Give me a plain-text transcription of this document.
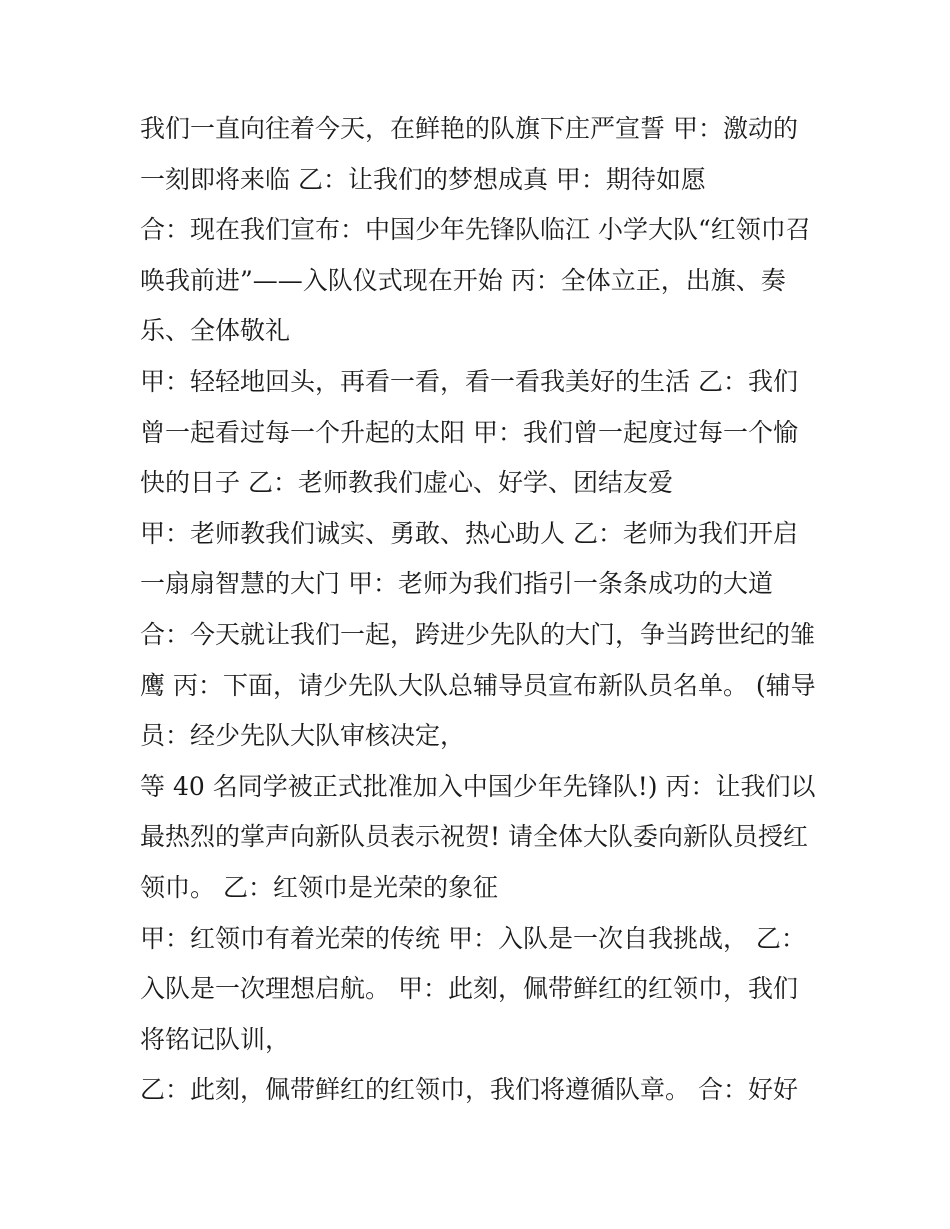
我们一直向往着今天，在鲜艳的队旗下庄严宣誓 甲：激动的
一刻即将来临 乙：让我们的梦想成真 甲：期待如愿
合：现在我们宣布：中国少年先锋队临江 小学大队“红领巾召
唤我前进”——入队仪式现在开始 丙：全体立正，出旗、奏
乐、全体敬礼
甲：轻轻地回头，再看一看，看一看我美好的生活 乙：我们
曾一起看过每一个升起的太阳 甲：我们曾一起度过每一个愉
快的日子 乙：老师教我们虚心、好学、团结友爱
甲：老师教我们诚实、勇敢、热心助人 乙：老师为我们开启
一扇扇智慧的大门 甲：老师为我们指引一条条成功的大道
合：今天就让我们一起，跨进少先队的大门，争当跨世纪的雏
鹰 丙：下面，请少先队大队总辅导员宣布新队员名单。 (辅导
员：经少先队大队审核决定，
等 40 名同学被正式批准加入中国少年先锋队!) 丙：让我们以
最热烈的掌声向新队员表示祝贺! 请全体大队委向新队员授红
领巾。 乙：红领巾是光荣的象征
甲：红领巾有着光荣的传统 甲：入队是一次自我挑战， 乙：
入队是一次理想启航。 甲：此刻，佩带鲜红的红领巾，我们
将铭记队训，
乙：此刻，佩带鲜红的红领巾，我们将遵循队章。 合：好好
